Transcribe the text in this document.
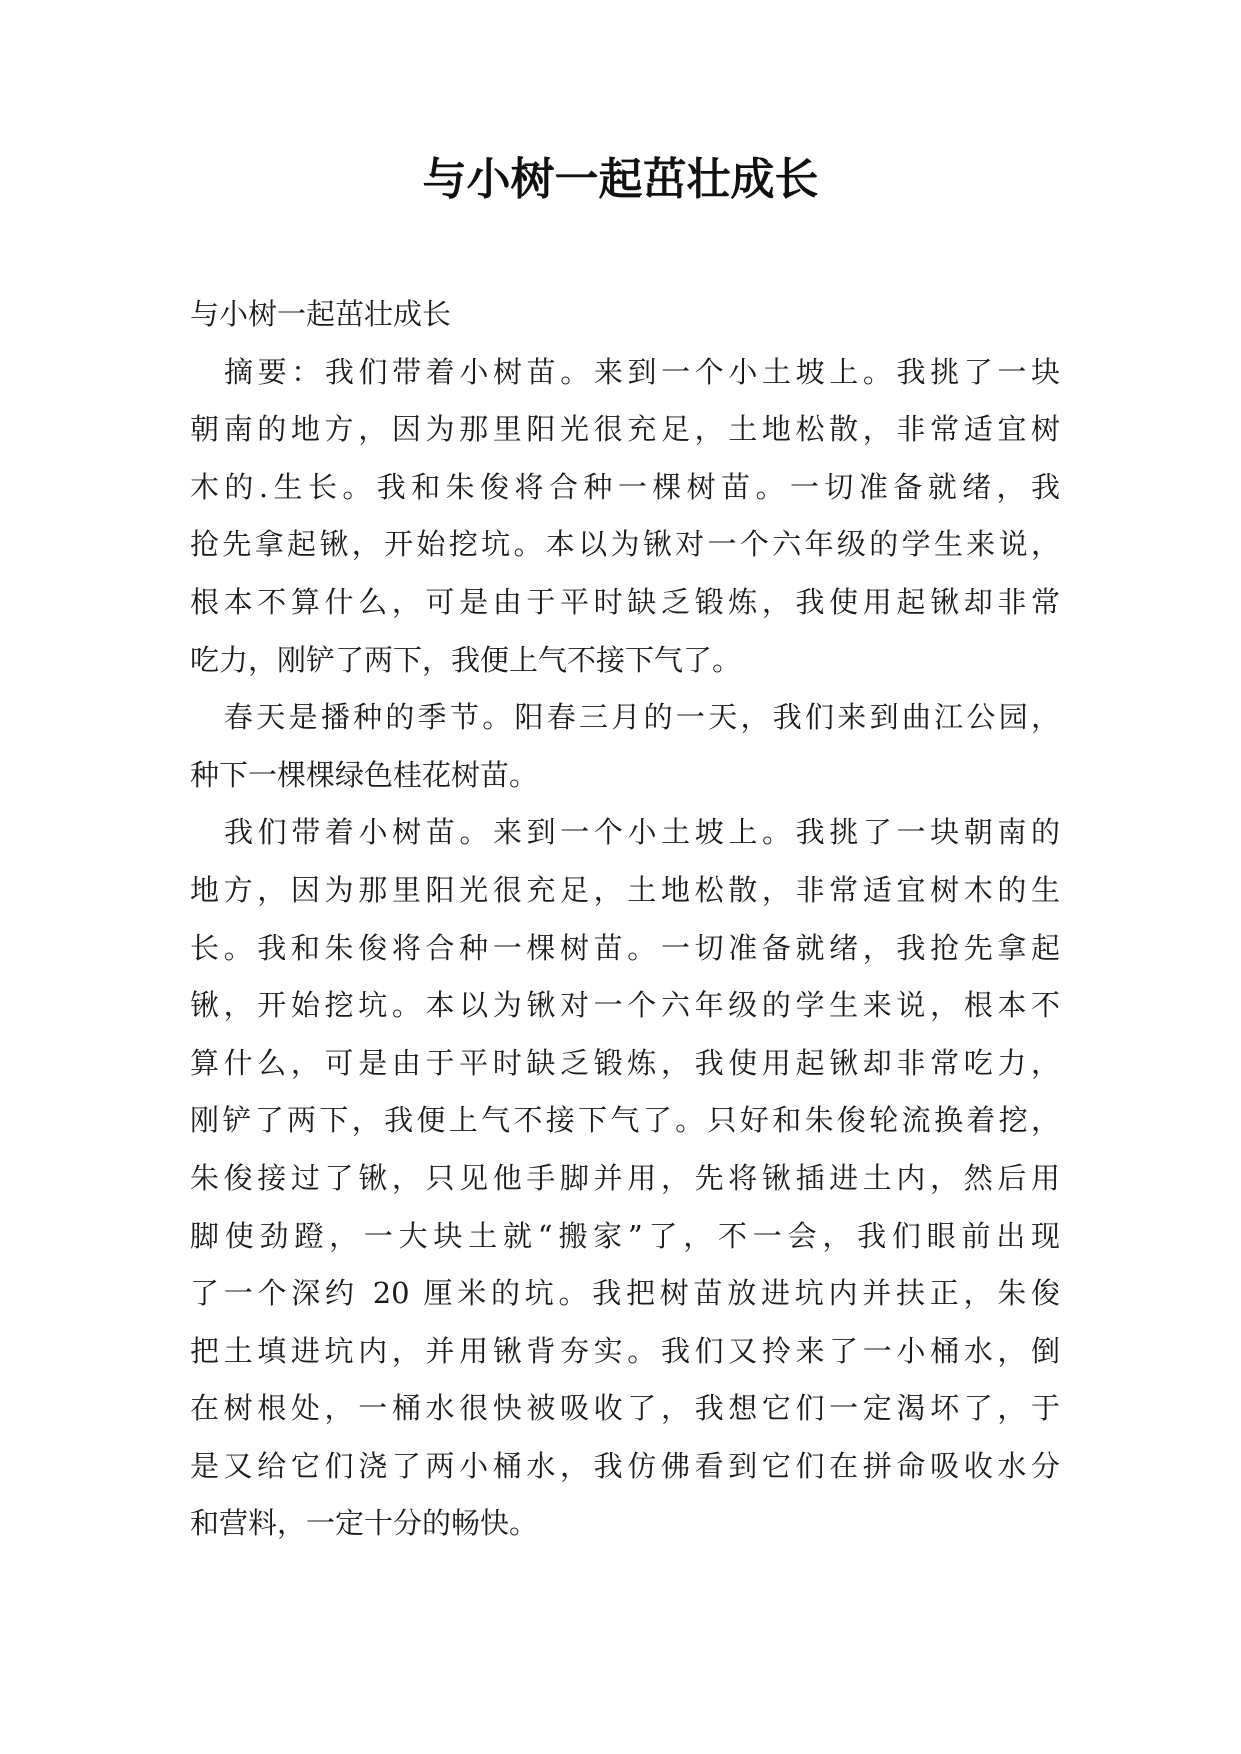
与小树一起茁壮成长
与小树一起茁壮成长
摘要：我们带着小树苗。来到一个小土坡上。我挑了一块
朝南的地方，因为那里阳光很充足，土地松散，非常适宜树
木的.生长。我和朱俊将合种一棵树苗。一切准备就绪，我
抢先拿起锹，开始挖坑。本以为锹对一个六年级的学生来说，
根本不算什么，可是由于平时缺乏锻炼，我使用起锹却非常
吃力，刚铲了两下，我便上气不接下气了。
春天是播种的季节。阳春三月的一天，我们来到曲江公园，
种下一棵棵绿色桂花树苗。
我们带着小树苗。来到一个小土坡上。我挑了一块朝南的
地方，因为那里阳光很充足，土地松散，非常适宜树木的生
长。我和朱俊将合种一棵树苗。一切准备就绪，我抢先拿起
锹，开始挖坑。本以为锹对一个六年级的学生来说，根本不
算什么，可是由于平时缺乏锻炼，我使用起锹却非常吃力，
刚铲了两下，我便上气不接下气了。只好和朱俊轮流换着挖，
朱俊接过了锹，只见他手脚并用，先将锹插进土内，然后用
脚使劲蹬，一大块土就“搬家”了，不一会，我们眼前出现
了一个深约 20 厘米的坑。我把树苗放进坑内并扶正，朱俊
把土填进坑内，并用锹背夯实。我们又拎来了一小桶水，倒
在树根处，一桶水很快被吸收了，我想它们一定渴坏了，于
是又给它们浇了两小桶水，我仿佛看到它们在拼命吸收水分
和营料，一定十分的畅快。
